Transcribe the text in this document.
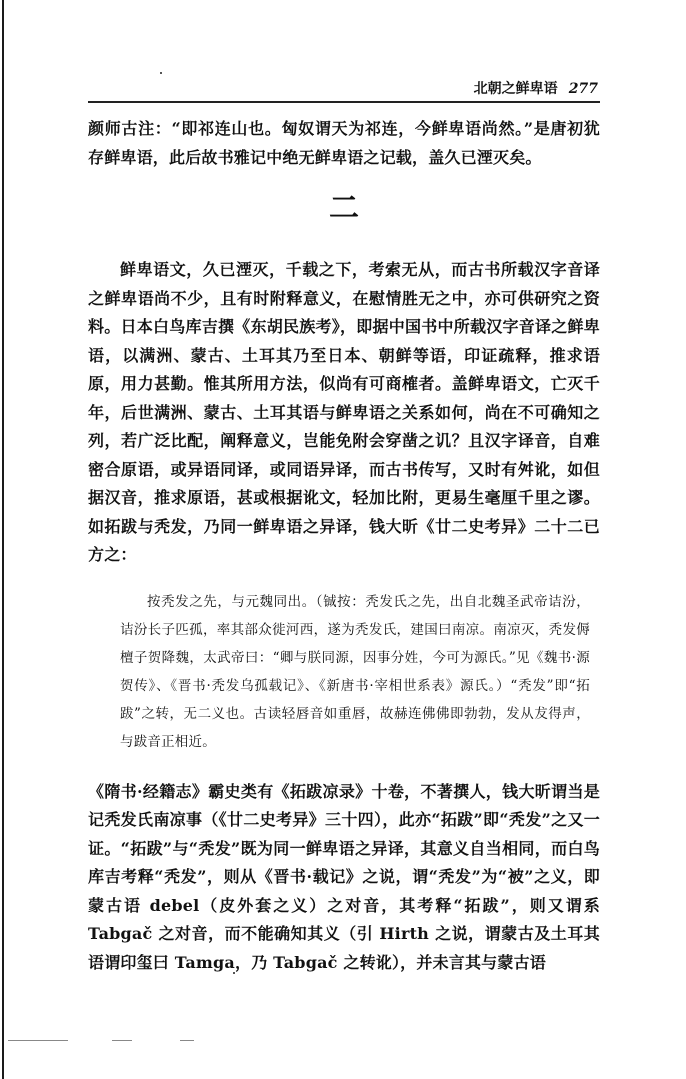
北朝之鲜卑语 277

颜师古注：“即祁连山也。匈奴谓天为祁连，今鲜卑语尚然。”是唐初犹存鲜卑语，此后故书雅记中绝无鲜卑语之记载，盖久已湮灭矣。

二

鲜卑语文，久已湮灭，千载之下，考索无从，而古书所载汉字音译之鲜卑语尚不少，且有时附释意义，在慰情胜无之中，亦可供研究之资料。日本白鸟库吉撰《东胡民族考》，即据中国书中所载汉字音译之鲜卑语，以满洲、蒙古、土耳其乃至日本、朝鲜等语，印证疏释，推求语原，用力甚勤。惟其所用方法，似尚有可商榷者。盖鲜卑语文，亡灭千年，后世满洲、蒙古、土耳其语与鲜卑语之关系如何，尚在不可确知之列，若广泛比配，阐释意义，岂能免附会穿凿之讥？且汉字译音，自难密合原语，或异语同译，或同语异译，而古书传写，又时有舛讹，如但据汉音，推求原语，甚或根据讹文，轻加比附，更易生毫厘千里之谬。如拓跋与秃发，乃同一鲜卑语之异译，钱大昕《廿二史考异》二十二已方之：

按秃发之先，与元魏同出。（铖按：秃发氏之先，出自北魏圣武帝诘汾，诘汾长子匹孤，率其部众徙河西，遂为秃发氏，建国曰南凉。南凉灭，秃发傉檀子贺降魏，太武帝曰：“卿与朕同源，因事分姓，今可为源氏。”见《魏书·源贺传》、《晋书·秃发乌孤载记》、《新唐书·宰相世系表》源氏。）“秃发”即“拓跋”之转，无二义也。古读轻唇音如重唇，故赫连佛佛即勃勃，发从犮得声，与跋音正相近。

《隋书·经籍志》霸史类有《拓跋凉录》十卷，不著撰人，钱大昕谓当是记秃发氏南凉事（《廿二史考异》三十四），此亦“拓跋”即“秃发”之又一证。“拓跋”与“秃发”既为同一鲜卑语之异译，其意义自当相同，而白鸟库吉考释“秃发”，则从《晋书·载记》之说，谓“秃发”为“被”之义，即蒙古语 debel（皮外套之义）之对音，其考释“拓跋”，则又谓系 Tabgač 之对音，而不能确知其义（引 Hirth 之说，谓蒙古及土耳其语谓印玺曰 Tamga，乃 Tabgač 之转讹），并未言其与蒙古语
